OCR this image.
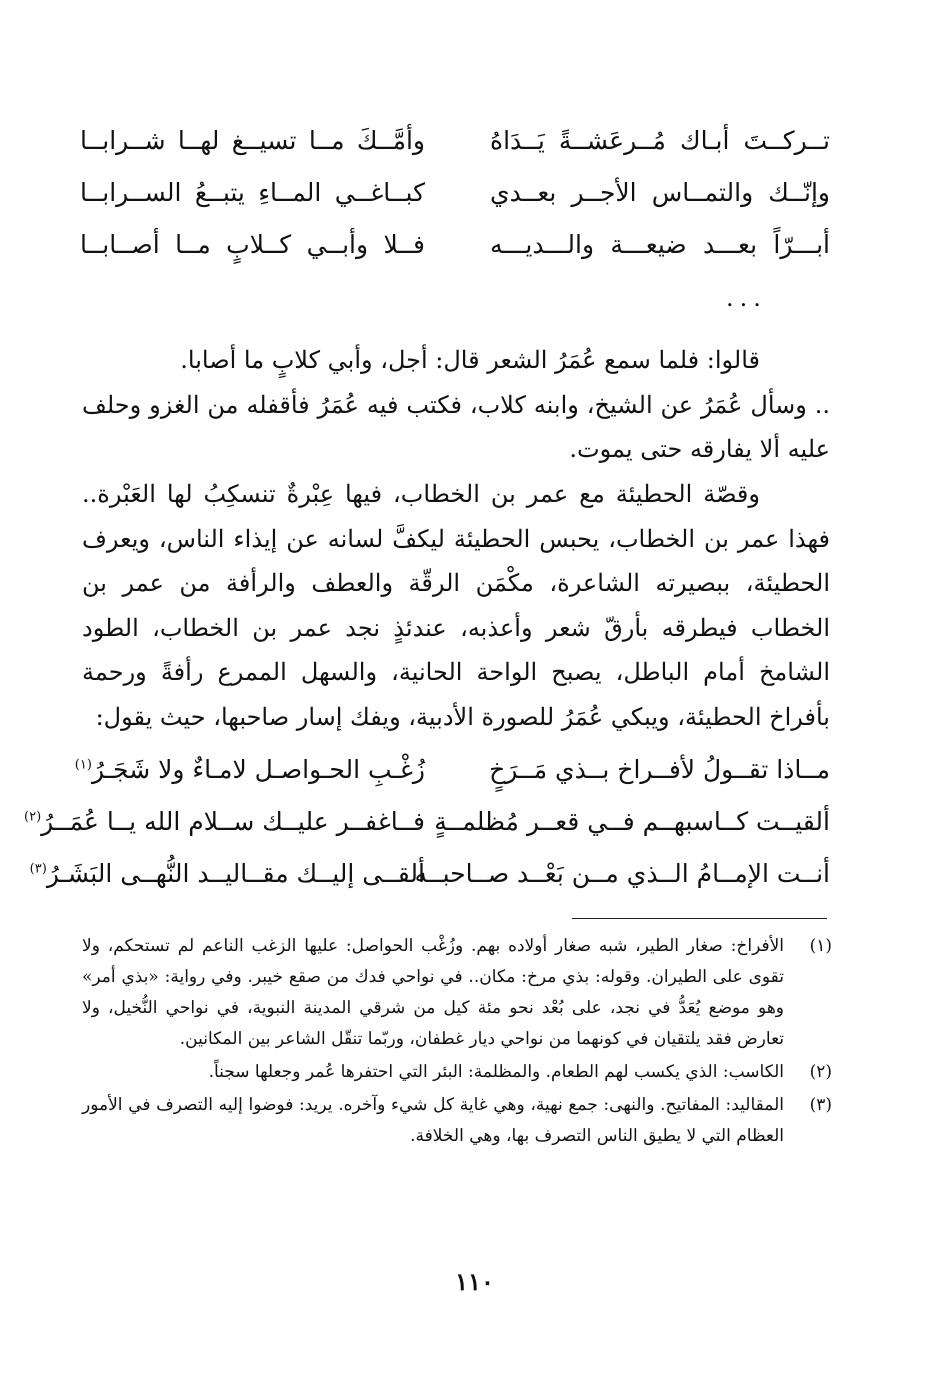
تــركــتَ أبـاك مُــرعَشــةً يَــدَاهُ
وأمَّــكَ مــا تسيــغ لهــا شــرابــا
وإنّــك والتمــاس الأجــر بعــدي
كبــاغــي المــاءِ يتبــعُ الســرابــا
أبـــرّاً بعـــد ضيعـــة والـــديـــه
فــلا وأبــي كــلابٍ مــا أصــابــا
...

قالوا: فلما سمع عُمَرُ الشعر قال: أجل، وأبي كلابٍ ما أصابا.

.. وسأل عُمَرُ عن الشيخ، وابنه كلاب، فكتب فيه عُمَرُ فأقفله من الغزو وحلف عليه ألا يفارقه حتى يموت.

وقصّة الحطيئة مع عمر بن الخطاب، فيها عِبْرةٌ تنسكِبُ لها العَبْرة.. فهذا عمر بن الخطاب، يحبس الحطيئة ليكفَّ لسانه عن إيذاء الناس، ويعرف الحطيئة، ببصيرته الشاعرة، مكْمَن الرقّة والعطف والرأفة من عمر بن الخطاب فيطرقه بأرقّ شعر وأعذبه، عندئذٍ نجد عمر بن الخطاب، الطود الشامخ أمام الباطل، يصبح الواحة الحانية، والسهل الممرع رأفةً ورحمة بأفراخ الحطيئة، ويبكي عُمَرُ للصورة الأدبية، ويفك إسار صاحبها، حيث يقول:

مــاذا تقــولُ لأفــراخ بــذي مَــرَخٍ
زُغْـبِ الحـواصـل لامـاءٌ ولا شَجَـرُ$^{(١)}$
ألقيــت كــاسبهــم فــي قعــر مُظلمــةٍ
فــاغفــر عليــك ســلام الله يــا عُمَــرُ$^{(٢)}$
أنــت الإمــامُ الــذي مــن بَعْــد صــاحبــه
ألقــى إليــك مقــاليــد النُّهــى البَشَـرُ$^{(٣)}$
(١)
الأفراخ: صغار الطير، شبه صغار أولاده بهم. وزُغْب الحواصل: عليها الزغب الناعم لم تستحكم، ولا تقوى على الطيران. وقوله: بذي مرخ: مكان.. في نواحي فدك من صقع خيبر. وفي رواية: «بذي أمر» وهو موضع يُعَدُّ في نجد، على بُعْد نحو مئة كيل من شرقي المدينة النبوية، في نواحي النُّخيل، ولا تعارض فقد يلتقيان في كونهما من نواحي ديار غطفان، وربّما تنقّل الشاعر بين المكانين.
(٢)
الكاسب: الذي يكسب لهم الطعام. والمظلمة: البئر التي احتفرها عُمر وجعلها سجناً.
(٣)
المقاليد: المفاتيح. والنهى: جمع نهية، وهي غاية كل شيء وآخره. يريد: فوضوا إليه التصرف في الأمور العظام التي لا يطيق الناس التصرف بها، وهي الخلافة.
١١٠
